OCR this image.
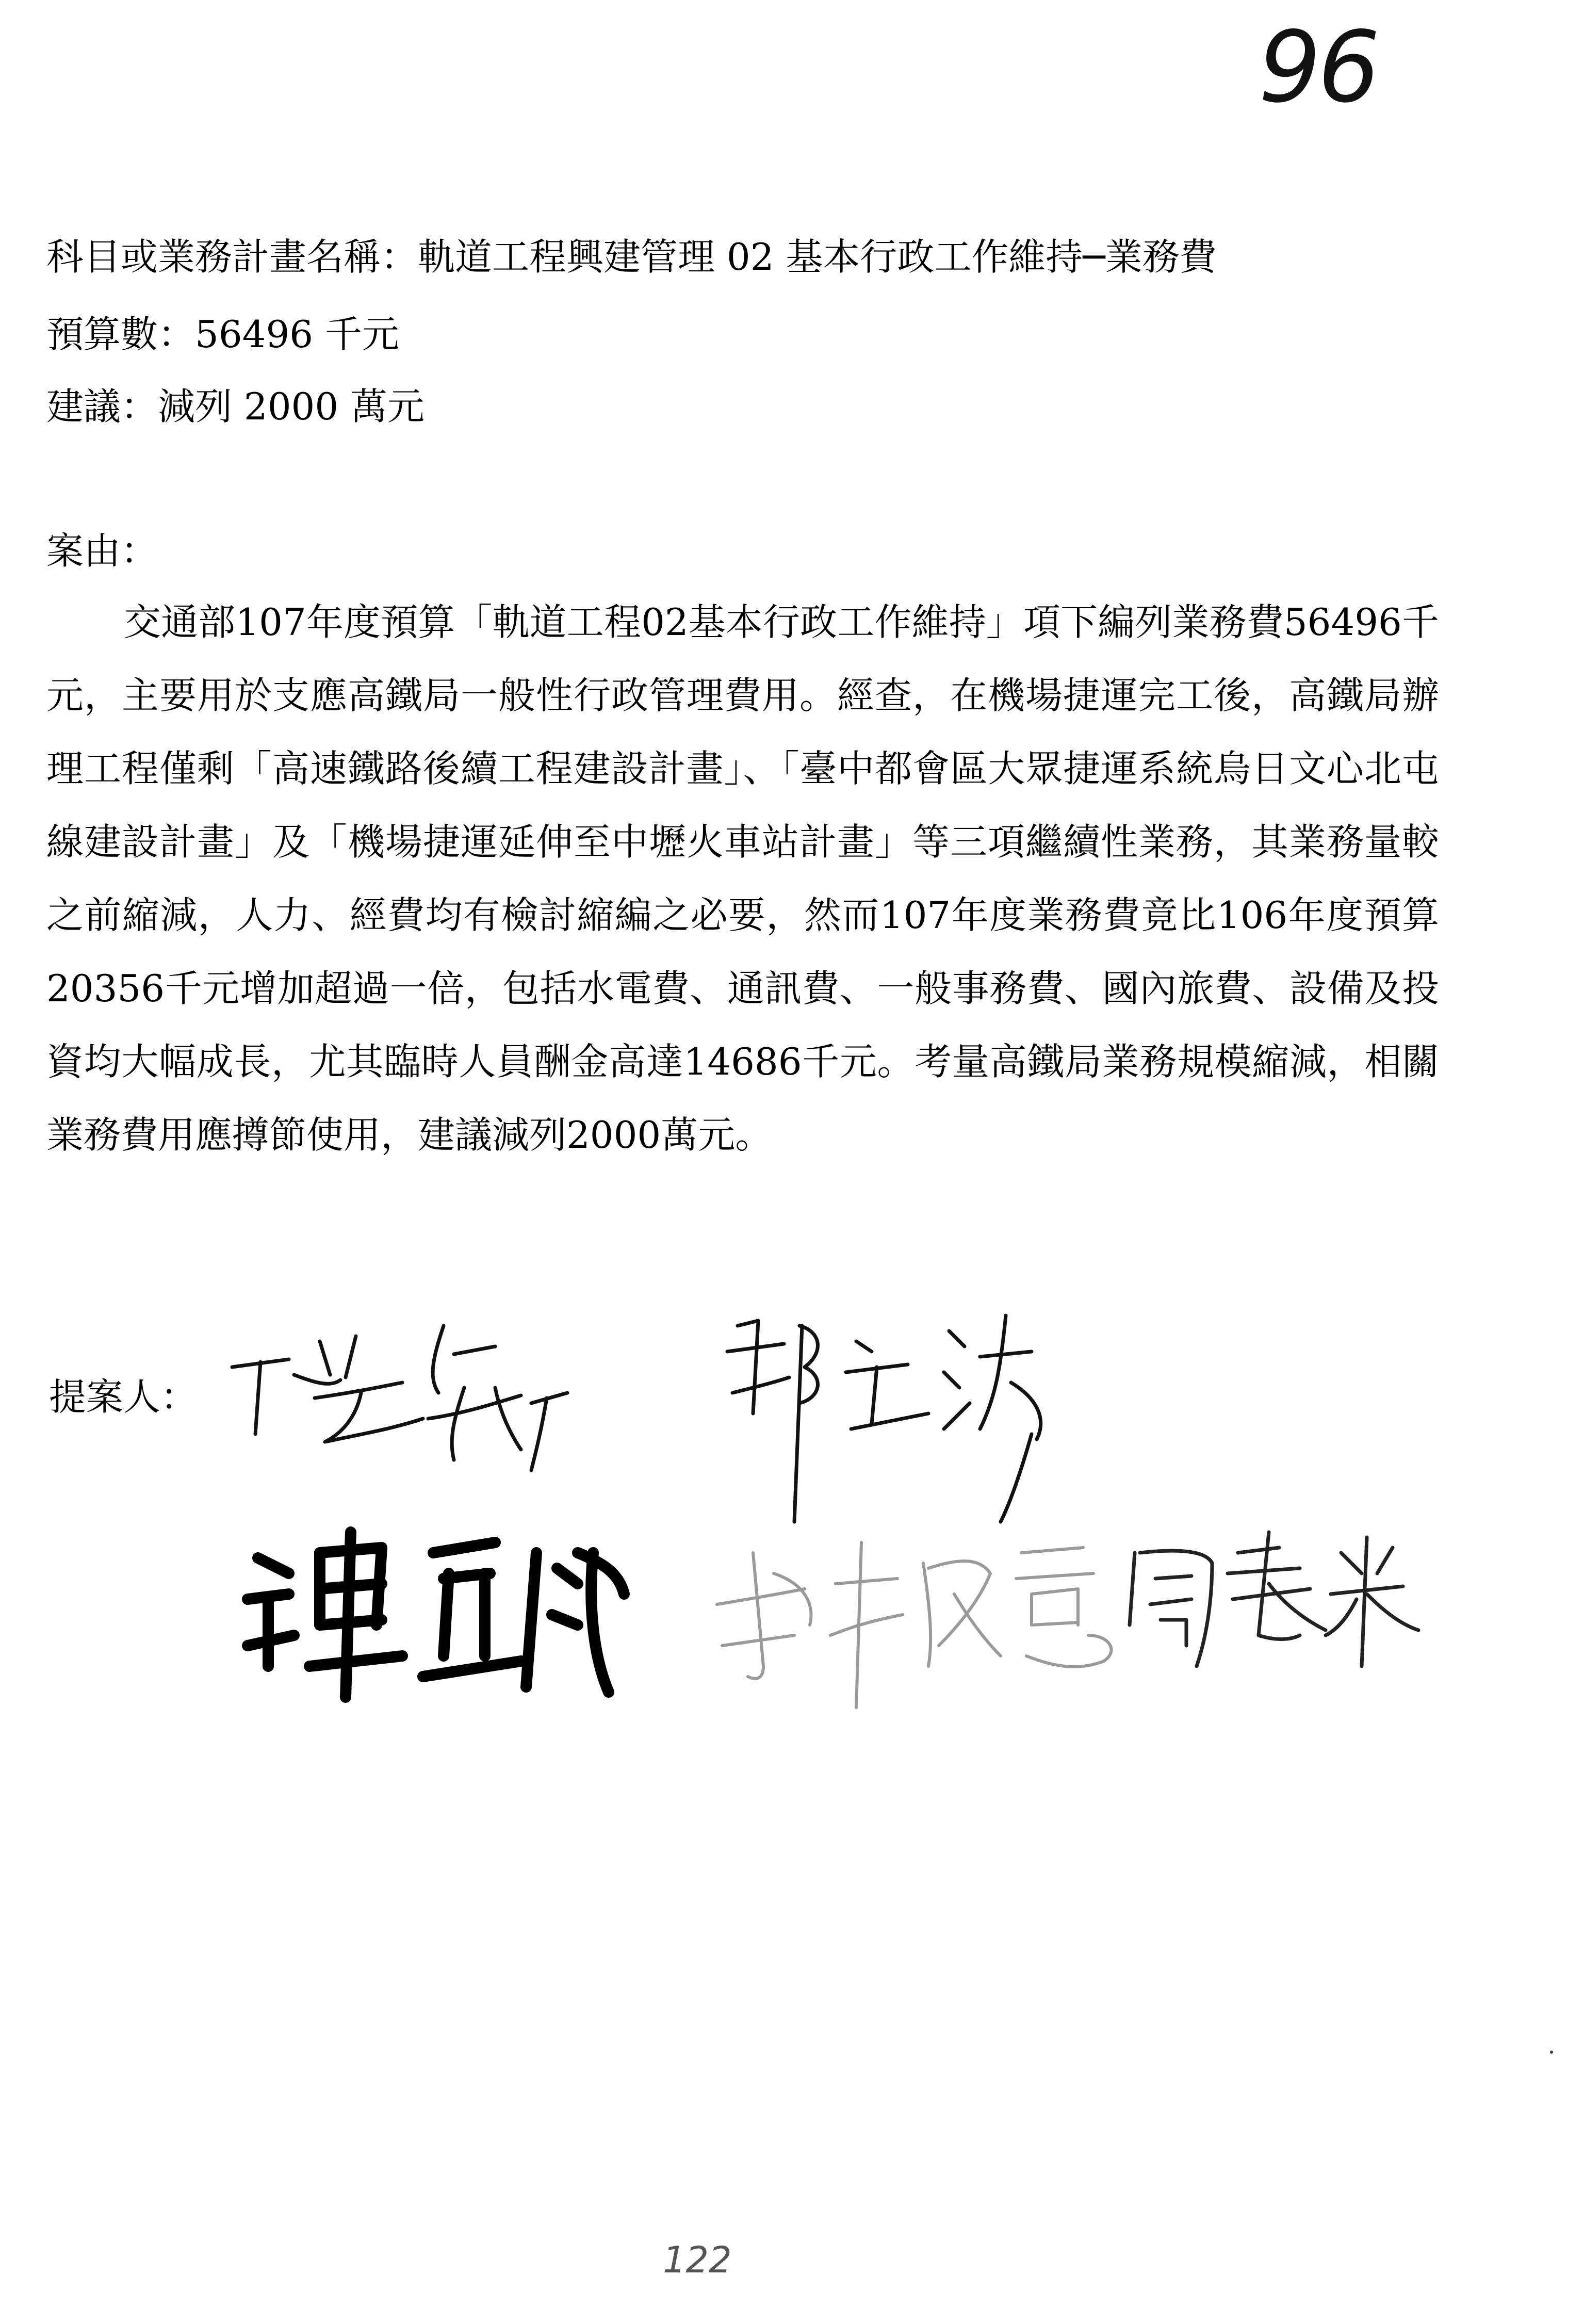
96
科目或業務計畫名稱：軌道工程興建管理 02 基本行政工作維持─業務費
預算數：56496 千元
建議：減列 2000 萬元
案由：
交通部107年度預算「軌道工程02基本行政工作維持」項下編列業務費56496千元，主要用於支應高鐵局一般性行政管理費用。經查，在機場捷運完工後，高鐵局辦理工程僅剩「高速鐵路後續工程建設計畫」、「臺中都會區大眾捷運系統烏日文心北屯線建設計畫」及「機場捷運延伸至中壢火車站計畫」等三項繼續性業務，其業務量較之前縮減，人力、經費均有檢討縮編之必要，然而107年度業務費竟比106年度預算20356千元增加超過一倍，包括水電費、通訊費、一般事務費、國內旅費、設備及投資均大幅成長，尤其臨時人員酬金高達14686千元。考量高鐵局業務規模縮減，相關業務費用應撙節使用，建議減列2000萬元。
提案人：
122
